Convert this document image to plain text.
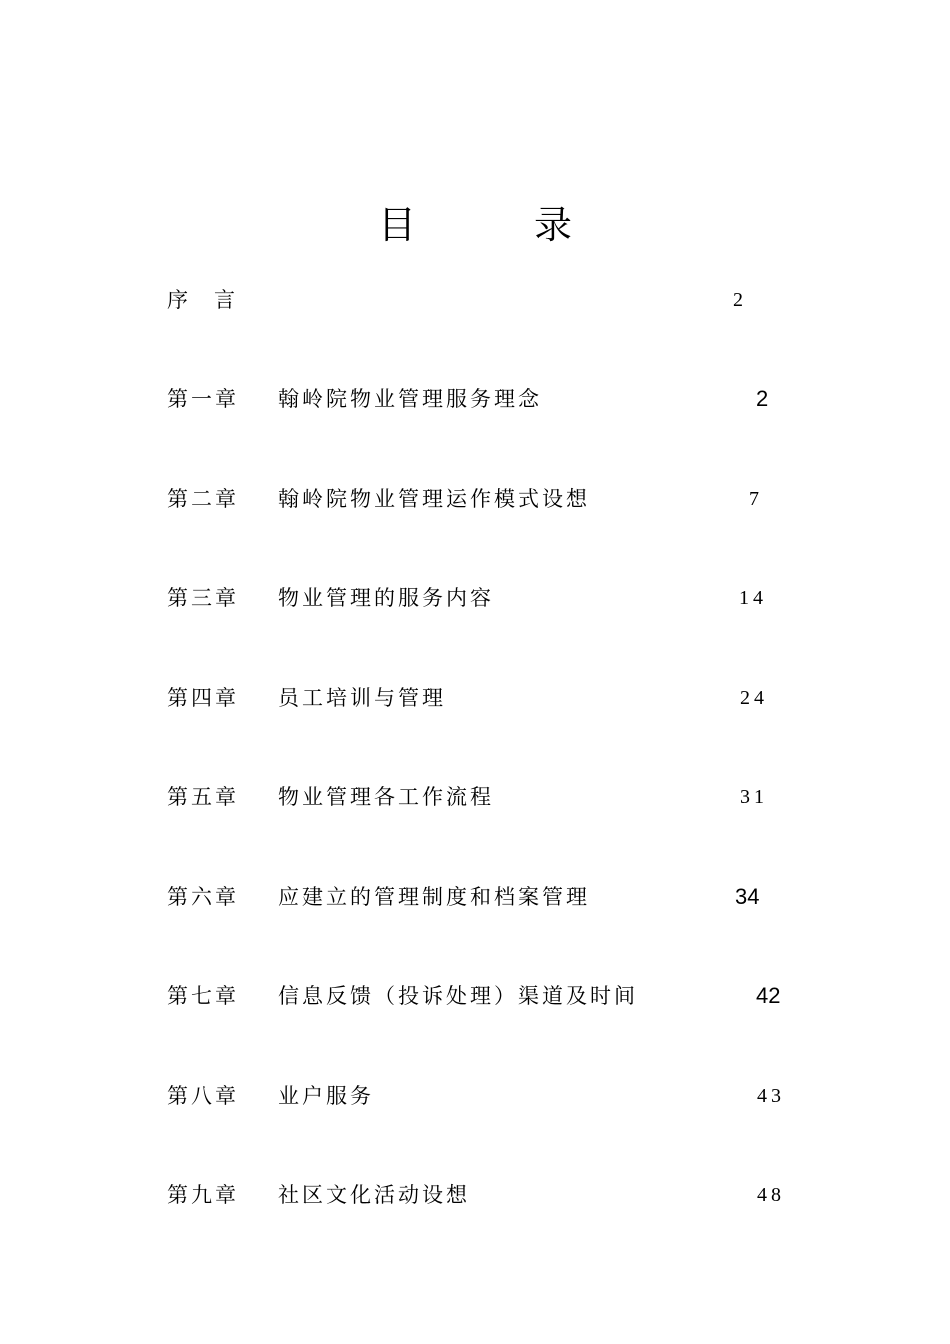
目　录
序言	2
第一章 翰岭院物业管理服务理念	2
第二章 翰岭院物业管理运作模式设想	7
第三章 物业管理的服务内容	14
第四章 员工培训与管理	24
第五章 物业管理各工作流程	31
第六章 应建立的管理制度和档案管理	34
第七章 信息反馈（投诉处理）渠道及时间	42
第八章 业户服务	43
第九章 社区文化活动设想	48
